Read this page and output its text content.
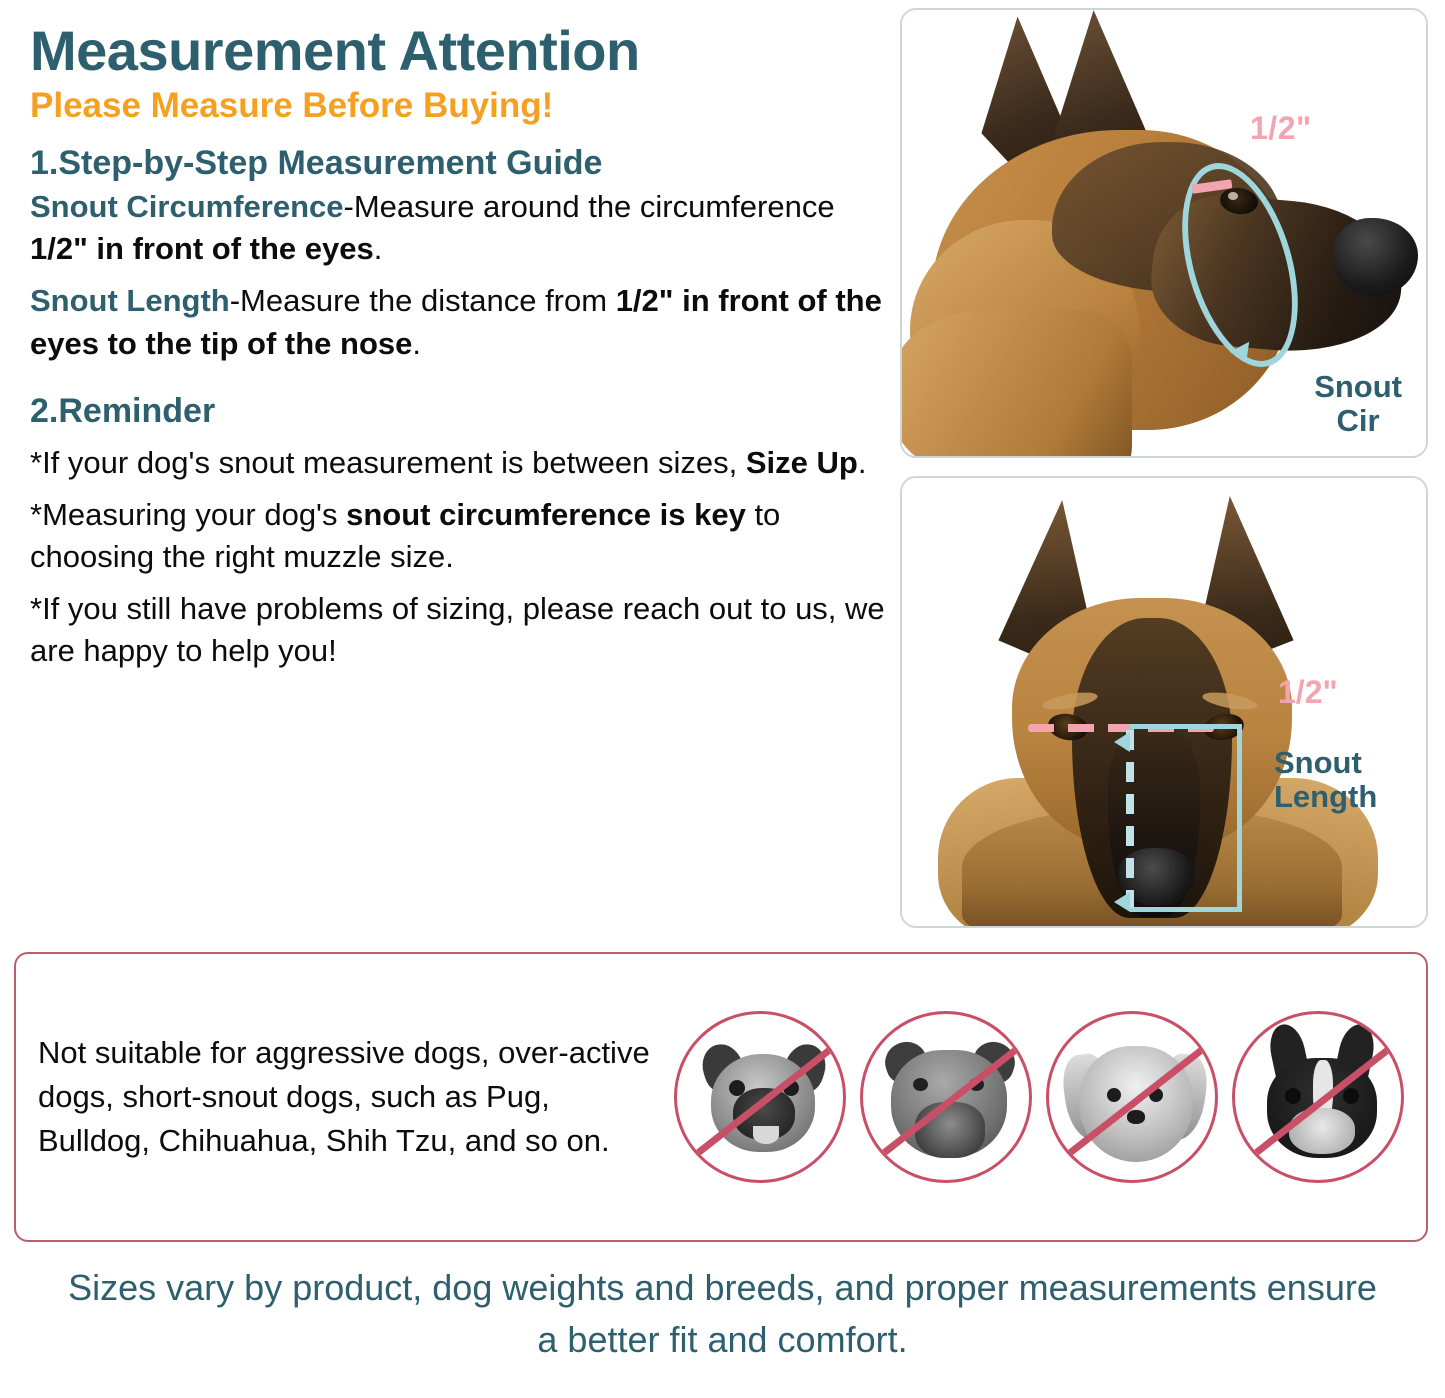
Measurement Attention
Please Measure Before Buying!
1.Step-by-Step Measurement Guide

Snout Circumference-Measure around the circumference 1/2" in front of the eyes.

Snout Length-Measure the distance from 1/2" in front of the eyes to the tip of the nose.

2.Reminder

*If your dog's snout measurement is between sizes, Size Up.

*Measuring your dog's snout circumference is key to choosing the right muzzle size.

*If you still have problems of sizing, please reach out to us, we are happy to help you!

1/2"
Snout
Cir
1/2"
Snout
Length
Not suitable for aggressive dogs, over-active dogs, short-snout dogs, such as Pug, Bulldog, Chihuahua, Shih Tzu, and so on.
Sizes vary by product, dog weights and breeds, and proper measurements ensure a better fit and comfort.
